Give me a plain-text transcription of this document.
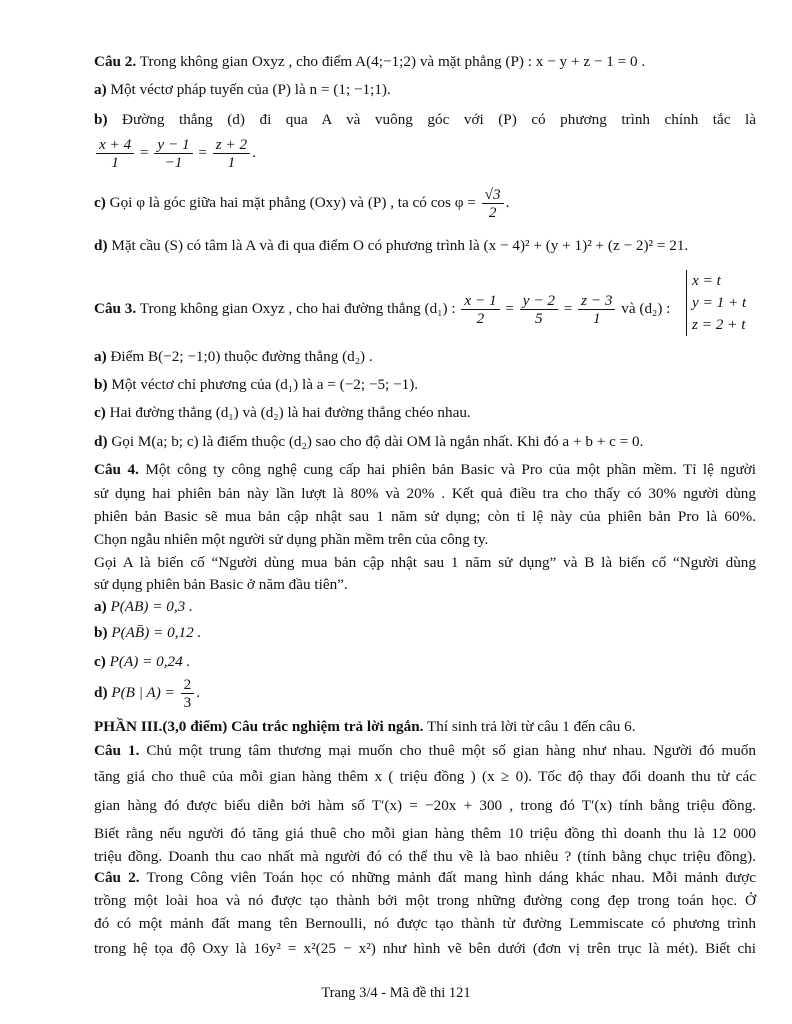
Câu 2. Trong không gian Oxyz , cho điểm A(4;−1;2) và mặt phẳng (P) : x − y + z − 1 = 0 .
a) Một véctơ pháp tuyến của (P) là n = (1; −1;1).
b) Đường thẳng (d) đi qua A và vuông góc với (P) có phương trình chính tắc là
$\frac{x + 4}{1} = \frac{y - 1}{-1} = \frac{z + 2}{1}$ .
c) Gọi φ là góc giữa hai mặt phẳng (Oxy) và (P) , ta có $\cos \varphi = \frac{√3}{2}$ .
d) Mặt cầu (S) có tâm là A và đi qua điểm O có phương trình là (x − 4)² + (y + 1)² + (z − 2)² = 21.
Câu 3. Trong không gian Oxyz , cho hai đường thẳng (d₁) : $\frac{x - 1}{2} = \frac{y - 2}{5} = \frac{z - 3}{1}$ và (d₂) :
x = t
y = 1 + t
z = 2 + t
a) Điểm B(−2; −1;0) thuộc đường thẳng (d₂) .
b) Một véctơ chỉ phương của (d₁) là a = (−2; −5; −1).
c) Hai đường thẳng (d₁) và (d₂) là hai đường thẳng chéo nhau.
d) Gọi M(a; b; c) là điểm thuộc (d₂) sao cho độ dài OM là ngắn nhất. Khi đó a + b + c = 0.
Câu 4. Một công ty công nghệ cung cấp hai phiên bản Basic và Pro của một phần mềm. Tỉ lệ người
sử dụng hai phiên bản này lần lượt là 80% và 20% . Kết quả điều tra cho thấy có 30% người dùng
phiên bản Basic sẽ mua bản cập nhật sau 1 năm sử dụng; còn tỉ lệ này của phiên bản Pro là 60%.
Chọn ngẫu nhiên một người sử dụng phần mềm trên của công ty.
Gọi A là biến cố “Người dùng mua bản cập nhật sau 1 năm sử dụng” và B là biến cố “Người dùng
sử dụng phiên bản Basic ở năm đầu tiên”.
a) P(AB) = 0,3 .
b) P(AB̄) = 0,12 .
c) P(A) = 0,24 .
d) P(B | $A) = \frac{2}{3}$ .
PHẦN III.(3,0 điểm) Câu trắc nghiệm trả lời ngắn. Thí sinh trả lời từ câu 1 đến câu 6.
Câu 1. Chủ một trung tâm thương mại muốn cho thuê một số gian hàng như nhau. Người đó muốn
tăng giá cho thuê của mỗi gian hàng thêm x ( triệu đồng ) (x ≥ 0). Tốc độ thay đổi doanh thu từ các
gian hàng đó được biểu diễn bởi hàm số T′(x) = −20x + 300 , trong đó T′(x) tính bằng triệu đồng.
Biết rằng nếu người đó tăng giá thuê cho mỗi gian hàng thêm 10 triệu đồng thì doanh thu là 12 000
triệu đồng. Doanh thu cao nhất mà người đó có thể thu về là bao nhiêu ? (tính bằng chục triệu đồng).
Câu 2. Trong Công viên Toán học có những mảnh đất mang hình dáng khác nhau. Mỗi mảnh được
trồng một loài hoa và nó được tạo thành bởi một trong những đường cong đẹp trong toán học. Ở
đó có một mảnh đất mang tên Bernoulli, nó được tạo thành từ đường Lemmiscate có phương trình
trong hệ tọa độ Oxy là 16y² = x²(25 − x²) như hình vẽ bên dưới (đơn vị trên trục là mét). Biết chi
Trang 3/4 - Mã đề thi 121
